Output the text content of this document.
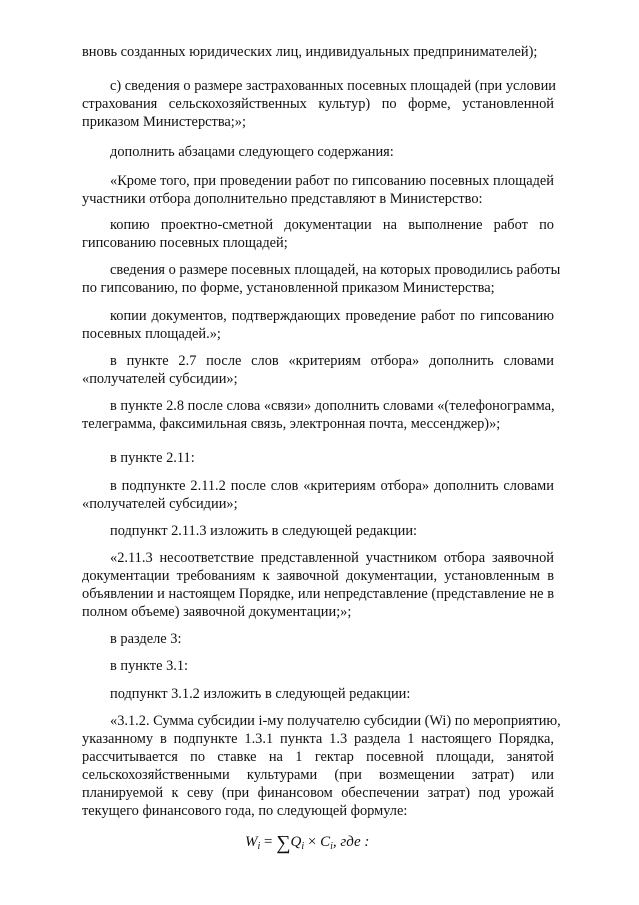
вновь созданных юридических лиц, индивидуальных предпринимателей);
с) сведения о размере застрахованных посевных площадей (при условии
страхования сельскохозяйственных культур) по форме, установленной
приказом Министерства;»;
дополнить абзацами следующего содержания:
«Кроме того, при проведении работ по гипсованию посевных площадей
участники отбора дополнительно представляют в Министерство:
копию проектно-сметной документации на выполнение работ по
гипсованию посевных площадей;
сведения о размере посевных площадей, на которых проводились работы
по гипсованию, по форме, установленной приказом Министерства;
копии документов, подтверждающих проведение работ по гипсованию
посевных площадей.»;
в пункте 2.7 после слов «критериям отбора» дополнить словами
«получателей субсидии»;
в пункте 2.8 после слова «связи» дополнить словами «(телефонограмма,
телеграмма, факсимильная связь, электронная почта, мессенджер)»;
в пункте 2.11:
в подпункте 2.11.2 после слов «критериям отбора» дополнить словами
«получателей субсидии»;
подпункт 2.11.3 изложить в следующей редакции:
«2.11.3 несоответствие представленной участником отбора заявочной
документации требованиям к заявочной документации, установленным в
объявлении и настоящем Порядке, или непредставление (представление не в
полном объеме) заявочной документации;»;
в разделе 3:
в пункте 3.1:
подпункт 3.1.2 изложить в следующей редакции:
«3.1.2. Сумма субсидии i-му получателю субсидии (Wi) по мероприятию,
указанному в подпункте 1.3.1 пункта 1.3 раздела 1 настоящего Порядка,
рассчитывается по ставке на 1 гектар посевной площади, занятой
сельскохозяйственными культурами (при возмещении затрат) или
планируемой к севу (при финансовом обеспечении затрат) под урожай
текущего финансового года, по следующей формуле:
$W_i = \sum Q_i \times C_i$, где :
